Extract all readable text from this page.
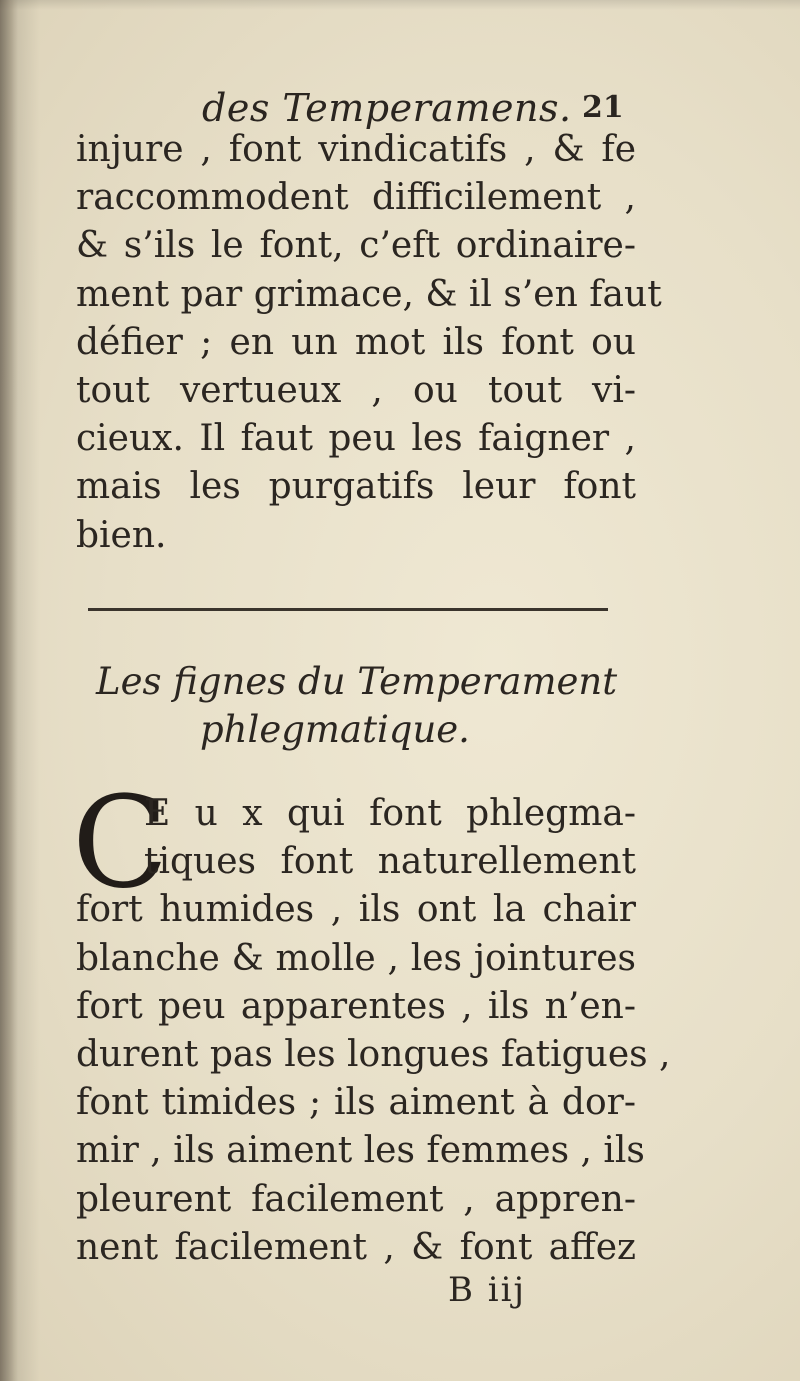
des Temperamens. 21
injure , font vindicatifs , & fe
raccommodent difficilement ,
& s’ils le font, c’eft ordinaire-
ment par grimace, & il s’en faut
défier ; en un mot ils font ou
tout vertueux , ou tout vi-
cieux. Il faut peu les faigner ,
mais les purgatifs leur font
bien.
Les fignes du Temperament
phlegmatique.
C
E u x qui font phlegma-
tiques font naturellement
fort humides , ils ont la chair
blanche & molle , les jointures
fort peu apparentes , ils n’en-
durent pas les longues fatigues ,
font timides ; ils aiment à dor-
mir , ils aiment les femmes , ils
pleurent facilement , appren-
nent facilement , & font affez
B iij
